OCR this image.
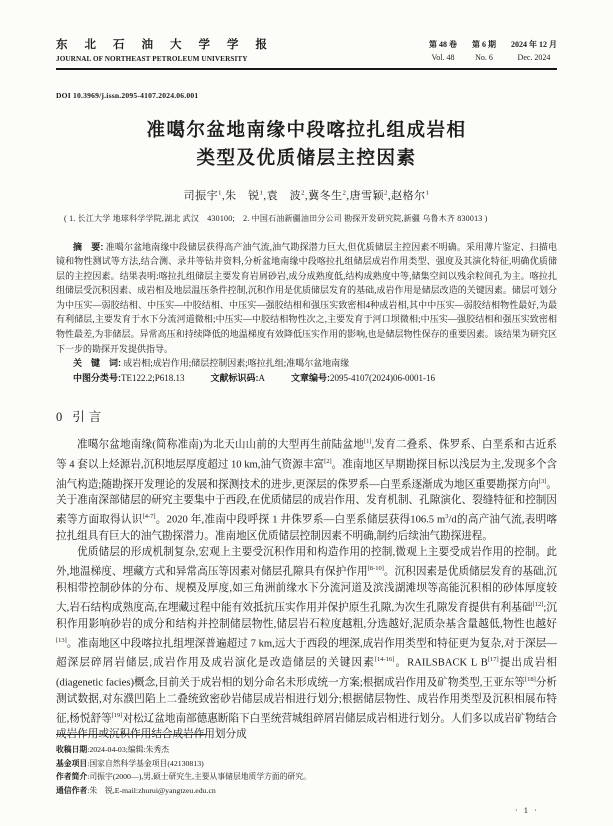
东北石油大学学报
JOURNAL OF NORTHEAST PETROLEUM UNIVERSITY
第 48 卷
Vol. 48
第 6 期
No. 6
2024 年 12 月
Dec. 2024
DOI 10.3969/j.issn.2095-4107.2024.06.001
准噶尔盆地南缘中段喀拉扎组成岩相
类型及优质储层主控因素
司振宇$^1$,朱　锐$^1$,袁　波$^2$,冀冬生$^2$,唐雪颖$^2$,赵格尔$^1$
( 1. 长江大学 地球科学学院,湖北 武汉　430100;　2. 中国石油新疆油田分公司 勘探开发研究院,新疆 乌鲁木齐 830013 )
摘　要: 准噶尔盆地南缘中段储层获得高产油气流,油气勘探潜力巨大,但优质储层主控因素不明确。采用薄片鉴定、扫描电镜和物性测试等方法,结合测、录井等钻井资料,分析盆地南缘中段喀拉扎组储层成岩作用类型、强度及其演化特征,明确优质储层的主控因素。结果表明:喀拉扎组储层主要发育岩屑砂岩,成分成熟度低,结构成熟度中等,储集空间以残余粒间孔为主。喀拉扎组储层受沉积因素、成岩相及地层温压条件控制,沉积作用是优质储层发育的基础,成岩作用是储层改造的关键因素。储层可划分为中压实—弱胶结相、中压实—中胶结相、中压实—强胶结相和强压实致密相4种成岩相,其中中压实—弱胶结相物性最好,为最有利储层,主要发育于水下分流河道微相;中压实—中胶结相物性次之,主要发育于河口坝微相;中压实—强胶结相和强压实致密相物性最差,为非储层。异常高压和持续降低的地温梯度有效降低压实作用的影响,也是储层物性保存的重要因素。该结果为研究区下一步的勘探开发提供指导。
关　键　词: 成岩相;成岩作用;储层控制因素;喀拉扎组;准噶尔盆地南缘
中图分类号:TE122.2;P618.13	文献标识码:A	文章编号:2095-4107(2024)06-0001-16
0 引言

准噶尔盆地南缘(简称准南)为北天山山前的大型再生前陆盆地[1],发育二叠系、侏罗系、白垩系和古近系等 4 套以上烃源岩,沉积地层厚度超过 10 km,油气资源丰富[2]。准南地区早期勘探目标以浅层为主,发现多个含油气构造;随勘探开发理论的发展和探测技术的进步,更深层的侏罗系—白垩系逐渐成为地区重要勘探方向[3]。关于准南深部储层的研究主要集中于西段,在优质储层的成岩作用、发育机制、孔隙演化、裂缝特征和控制因素等方面取得认识[4-7]。2020 年,准南中段呼探 1 井侏罗系—白垩系储层获得106.5 $m^3/d$的高产油气流,表明喀拉扎组具有巨大的油气勘探潜力。准南地区优质储层控制因素不明确,制约后续油气勘探进程。

优质储层的形成机制复杂,宏观上主要受沉积作用和构造作用的控制,微观上主要受成岩作用的控制。此外,地温梯度、埋藏方式和异常高压等因素对储层孔隙具有保护作用[8-10]。沉积因素是优质储层发育的基础,沉积相带控制砂体的分布、规模及厚度,如三角洲前缘水下分流河道及滨浅湖滩坝等高能沉积相的砂体厚度较大,岩石结构成熟度高,在埋藏过程中能有效抵抗压实作用并保护原生孔隙,为次生孔隙发育提供有利基础[12];沉积作用影响砂岩的成分和结构并控制储层物性,储层岩石粒度越粗,分选越好,泥质杂基含量越低,物性也越好[13]。准南地区中段喀拉扎组埋深普遍超过 7 km,远大于西段的埋深,成岩作用类型和特征更为复杂,对于深层—超深层碎屑岩储层,成岩作用及成岩演化是改造储层的关键因素[14-16]。RAILSBACK L B[17]提出成岩相(diagenetic facies)概念,目前关于成岩相的划分命名未形成统一方案;根据成岩作用及矿物类型,王亚东等[18]分析测试数据,对东濮凹陷上二叠统致密砂岩储层成岩相进行划分;根据储层物性、成岩作用类型及沉积相展布特征,杨悦舒等[19]对松辽盆地南部德惠断陷下白垩统营城组碎屑岩储层成岩相进行划分。人们多以成岩矿物结合成岩作用或沉积作用结合成岩作用划分成

收稿日期:2024-04-03;编辑:朱秀杰
基金项目:国家自然科学基金项目(42130813)
作者简介:司振宇(2000—),男,硕士研究生,主要从事储层地质学方面的研究。
通信作者:朱　锐,E-mail:zhurui@yangtzeu.edu.cn
· 1 ·
